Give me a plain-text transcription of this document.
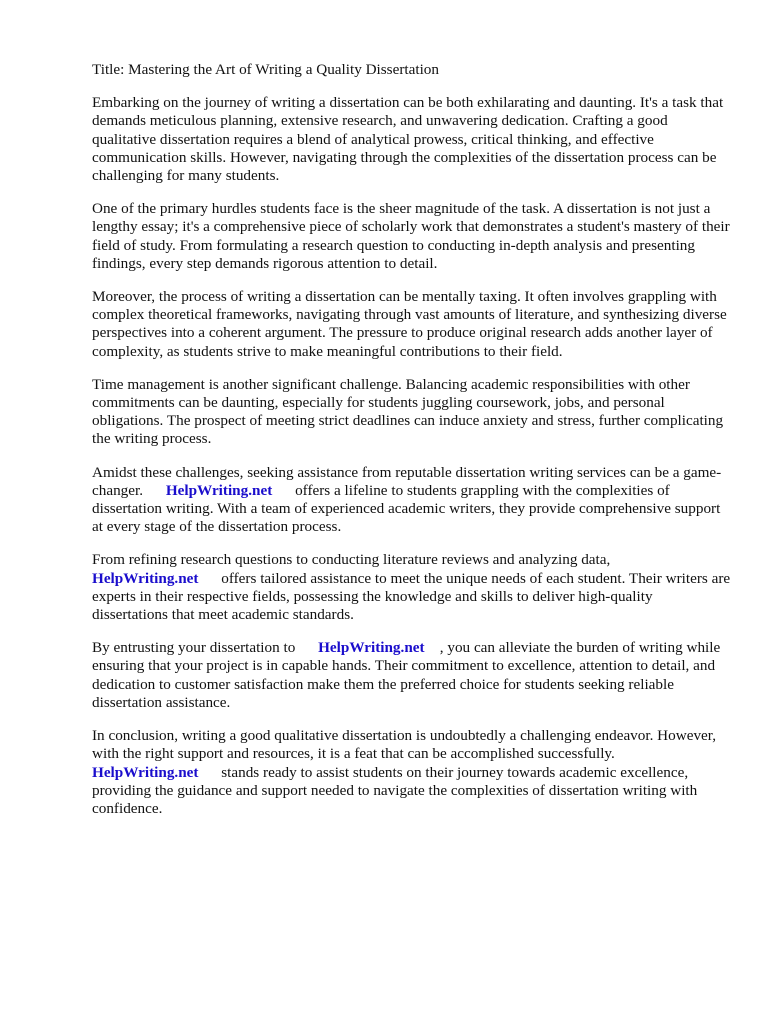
Title: Mastering the Art of Writing a Quality Dissertation

Embarking on the journey of writing a dissertation can be both exhilarating and daunting. It's a task that demands meticulous planning, extensive research, and unwavering dedication. Crafting a good qualitative dissertation requires a blend of analytical prowess, critical thinking, and effective communication skills. However, navigating through the complexities of the dissertation process can be challenging for many students.

One of the primary hurdles students face is the sheer magnitude of the task. A dissertation is not just a lengthy essay; it's a comprehensive piece of scholarly work that demonstrates a student's mastery of their field of study. From formulating a research question to conducting in-depth analysis and presenting findings, every step demands rigorous attention to detail.

Moreover, the process of writing a dissertation can be mentally taxing. It often involves grappling with complex theoretical frameworks, navigating through vast amounts of literature, and synthesizing diverse perspectives into a coherent argument. The pressure to produce original research adds another layer of complexity, as students strive to make meaningful contributions to their field.

Time management is another significant challenge. Balancing academic responsibilities with other commitments can be daunting, especially for students juggling coursework, jobs, and personal obligations. The prospect of meeting strict deadlines can induce anxiety and stress, further complicating the writing process.

Amidst these challenges, seeking assistance from reputable dissertation writing services can be a game-changer. HelpWriting.net offers a lifeline to students grappling with the complexities of dissertation writing. With a team of experienced academic writers, they provide comprehensive support at every stage of the dissertation process.

From refining research questions to conducting literature reviews and analyzing data,
HelpWriting.net offers tailored assistance to meet the unique needs of each student. Their writers are experts in their respective fields, possessing the knowledge and skills to deliver high-quality dissertations that meet academic standards.

By entrusting your dissertation to HelpWriting.net , you can alleviate the burden of writing while ensuring that your project is in capable hands. Their commitment to excellence, attention to detail, and dedication to customer satisfaction make them the preferred choice for students seeking reliable dissertation assistance.

In conclusion, writing a good qualitative dissertation is undoubtedly a challenging endeavor. However, with the right support and resources, it is a feat that can be accomplished successfully.
HelpWriting.net stands ready to assist students on their journey towards academic excellence, providing the guidance and support needed to navigate the complexities of dissertation writing with confidence.
